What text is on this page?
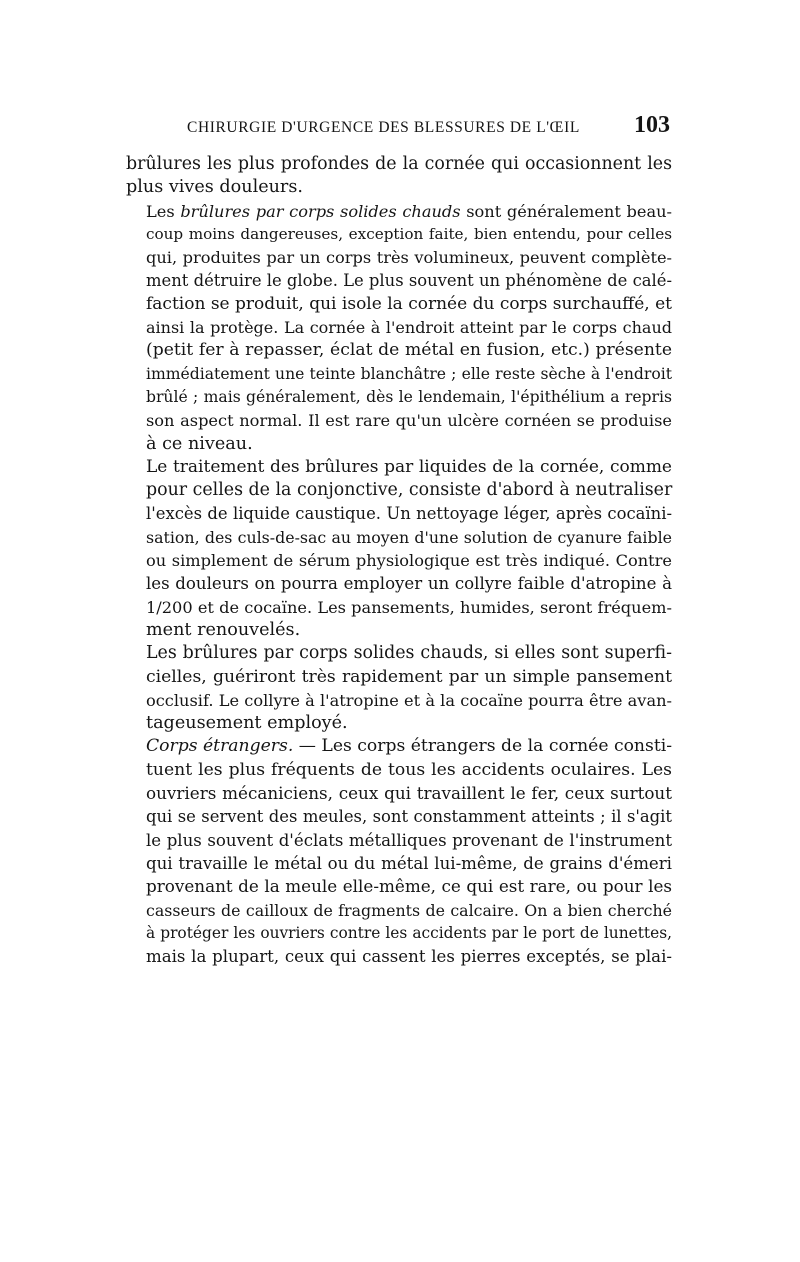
CHIRURGIE D'URGENCE DES BLESSURES DE L'ŒIL 103

brûlures les plus profondes de la cornée qui occasionnent les
plus vives douleurs.

Les brûlures par corps solides chauds sont généralement beau-
coup moins dangereuses, exception faite, bien entendu, pour celles
qui, produites par un corps très volumineux, peuvent complète-
ment détruire le globe. Le plus souvent un phénomène de calé-
faction se produit, qui isole la cornée du corps surchauffé, et
ainsi la protège. La cornée à l'endroit atteint par le corps chaud
(petit fer à repasser, éclat de métal en fusion, etc.) présente
immédiatement une teinte blanchâtre ; elle reste sèche à l'endroit
brûlé ; mais généralement, dès le lendemain, l'épithélium a repris
son aspect normal. Il est rare qu'un ulcère cornéen se produise
à ce niveau.

Le traitement des brûlures par liquides de la cornée, comme
pour celles de la conjonctive, consiste d'abord à neutraliser
l'excès de liquide caustique. Un nettoyage léger, après cocaïni-
sation, des culs-de-sac au moyen d'une solution de cyanure faible
ou simplement de sérum physiologique est très indiqué. Contre
les douleurs on pourra employer un collyre faible d'atropine à
1/200 et de cocaïne. Les pansements, humides, seront fréquem-
ment renouvelés.

Les brûlures par corps solides chauds, si elles sont superfi-
cielles, guériront très rapidement par un simple pansement
occlusif. Le collyre à l'atropine et à la cocaïne pourra être avan-
tageusement employé.

Corps étrangers. — Les corps étrangers de la cornée consti-
tuent les plus fréquents de tous les accidents oculaires. Les
ouvriers mécaniciens, ceux qui travaillent le fer, ceux surtout
qui se servent des meules, sont constamment atteints ; il s'agit
le plus souvent d'éclats métalliques provenant de l'instrument
qui travaille le métal ou du métal lui-même, de grains d'émeri
provenant de la meule elle-même, ce qui est rare, ou pour les
casseurs de cailloux de fragments de calcaire. On a bien cherché
à protéger les ouvriers contre les accidents par le port de lunettes,
mais la plupart, ceux qui cassent les pierres exceptés, se plai-
